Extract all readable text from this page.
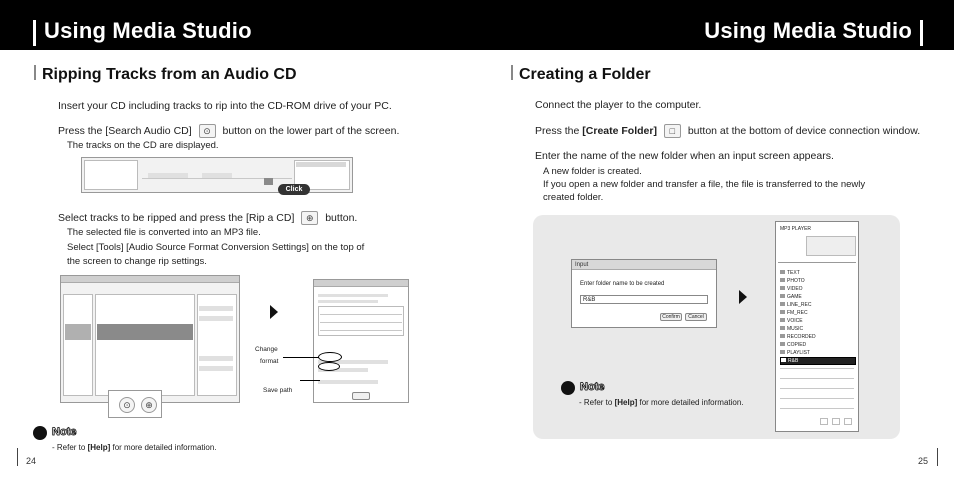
Using Media Studio	Using Media Studio
Ripping Tracks from an Audio CD
Insert your CD including tracks to rip into the CD-ROM drive of your PC.
Press the [Search Audio CD] ⊙ button on the lower part of the screen.
The tracks on the CD are displayed.
Click
Select tracks to be ripped and press the [Rip a CD] ⊕ button.
The selected file is converted into an MP3 file.
Select [Tools] [Audio Source Format Conversion Settings] on the top of
the screen to change rip settings.
⊙	⊕
Change
format
Save path
Note
- Refer to [Help] for more detailed information.
24
Creating a Folder
Connect the player to the computer.
Press the [Create Folder] □ button at the bottom of device connection window.
Enter the name of the new folder when an input screen appears.
A new folder is created.
If you open a new folder and transfer a file, the file is transferred to the newly
created folder.
Input
Enter folder name to be created
R&B
Confirm	Cancel
MP3 PLAYER
TEXT
PHOTO
VIDEO
GAME
LINE_REC
FM_REC
VOICE
MUSIC
RECORDED
COPIED
PLAYLIST
R&B
Note
- Refer to [Help] for more detailed information.
25
